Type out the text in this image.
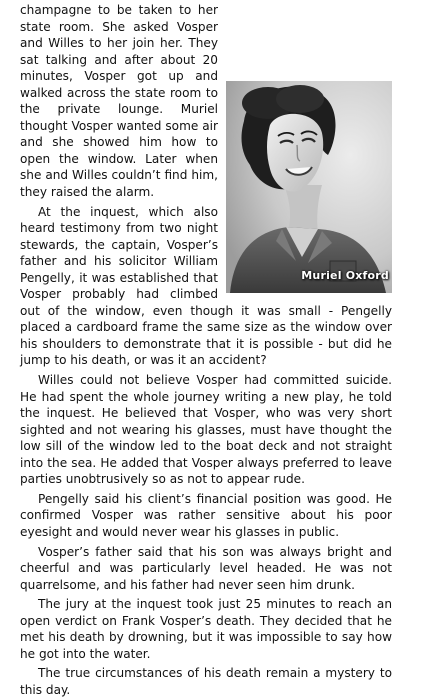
Muriel Oxford

champagne to be taken to her state room. She asked Vosper and Willes to her join her. They sat talking and after about 20 minutes, Vosper got up and walked across the state room to the private lounge. Muriel thought Vosper wanted some air and she showed him how to open the window. Later when she and Willes couldn’t find him, they raised the alarm.

At the inquest, which also heard testimony from two night stewards, the captain, Vosper’s father and his solicitor William Pengelly, it was established that Vosper probably had climbed out of the window, even though it was small - Pengelly placed a cardboard frame the same size as the window over his shoulders to demonstrate that it is possible - but did he jump to his death, or was it an accident?

Willes could not believe Vosper had committed suicide. He had spent the whole journey writing a new play, he told the inquest. He believed that Vosper, who was very short sighted and not wearing his glasses, must have thought the low sill of the window led to the boat deck and not straight into the sea. He added that Vosper always preferred to leave parties unobtrusively so as not to appear rude.

Pengelly said his client’s financial position was good. He confirmed Vosper was rather sensitive about his poor eyesight and would never wear his glasses in public.

Vosper’s father said that his son was always bright and cheerful and was particularly level headed. He was not quarrelsome, and his father had never seen him drunk.

The jury at the inquest took just 25 minutes to reach an open verdict on Frank Vosper’s death. They decided that he met his death by drowning, but it was impossible to say how he got into the water.

The true circumstances of his death remain a mystery to this day.
